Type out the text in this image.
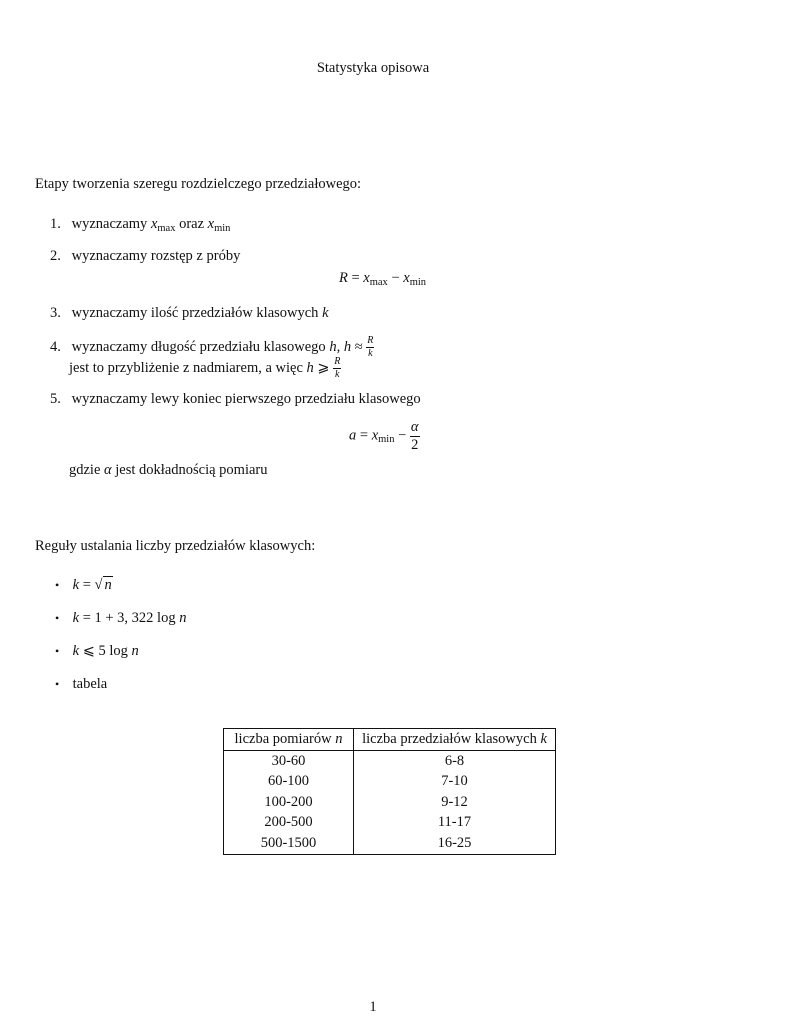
Statystyka opisowa
Etapy tworzenia szeregu rozdzielczego przedziałowego:
1. wyznaczamy $x_{max}$ oraz $x_{min}$
2. wyznaczamy rozstęp z próby
$R = x_{max} - x_{min}$
3. wyznaczamy ilość przedziałów klasowych k
4. wyznaczamy długość przedziału klasowego h, $h \approx \frac{R}{k}$
jest to przybliżenie z nadmiarem, a więc h ⩾ $\frac{R}{k}$
5. wyznaczamy lewy koniec pierwszego przedziału klasowego
$a = x_{min} - \frac{\alpha}{2}$
gdzie α jest dokładnością pomiaru
Reguły ustalania liczby przedziałów klasowych:
• k = √ n
• k = 1 + 3, 322 log n
• k ⩽ 5 log n
• tabela
liczba pomiarów n	liczba przedziałów klasowych k
30-60	6-8
60-100	7-10
100-200	9-12
200-500	11-17
500-1500	16-25
1
